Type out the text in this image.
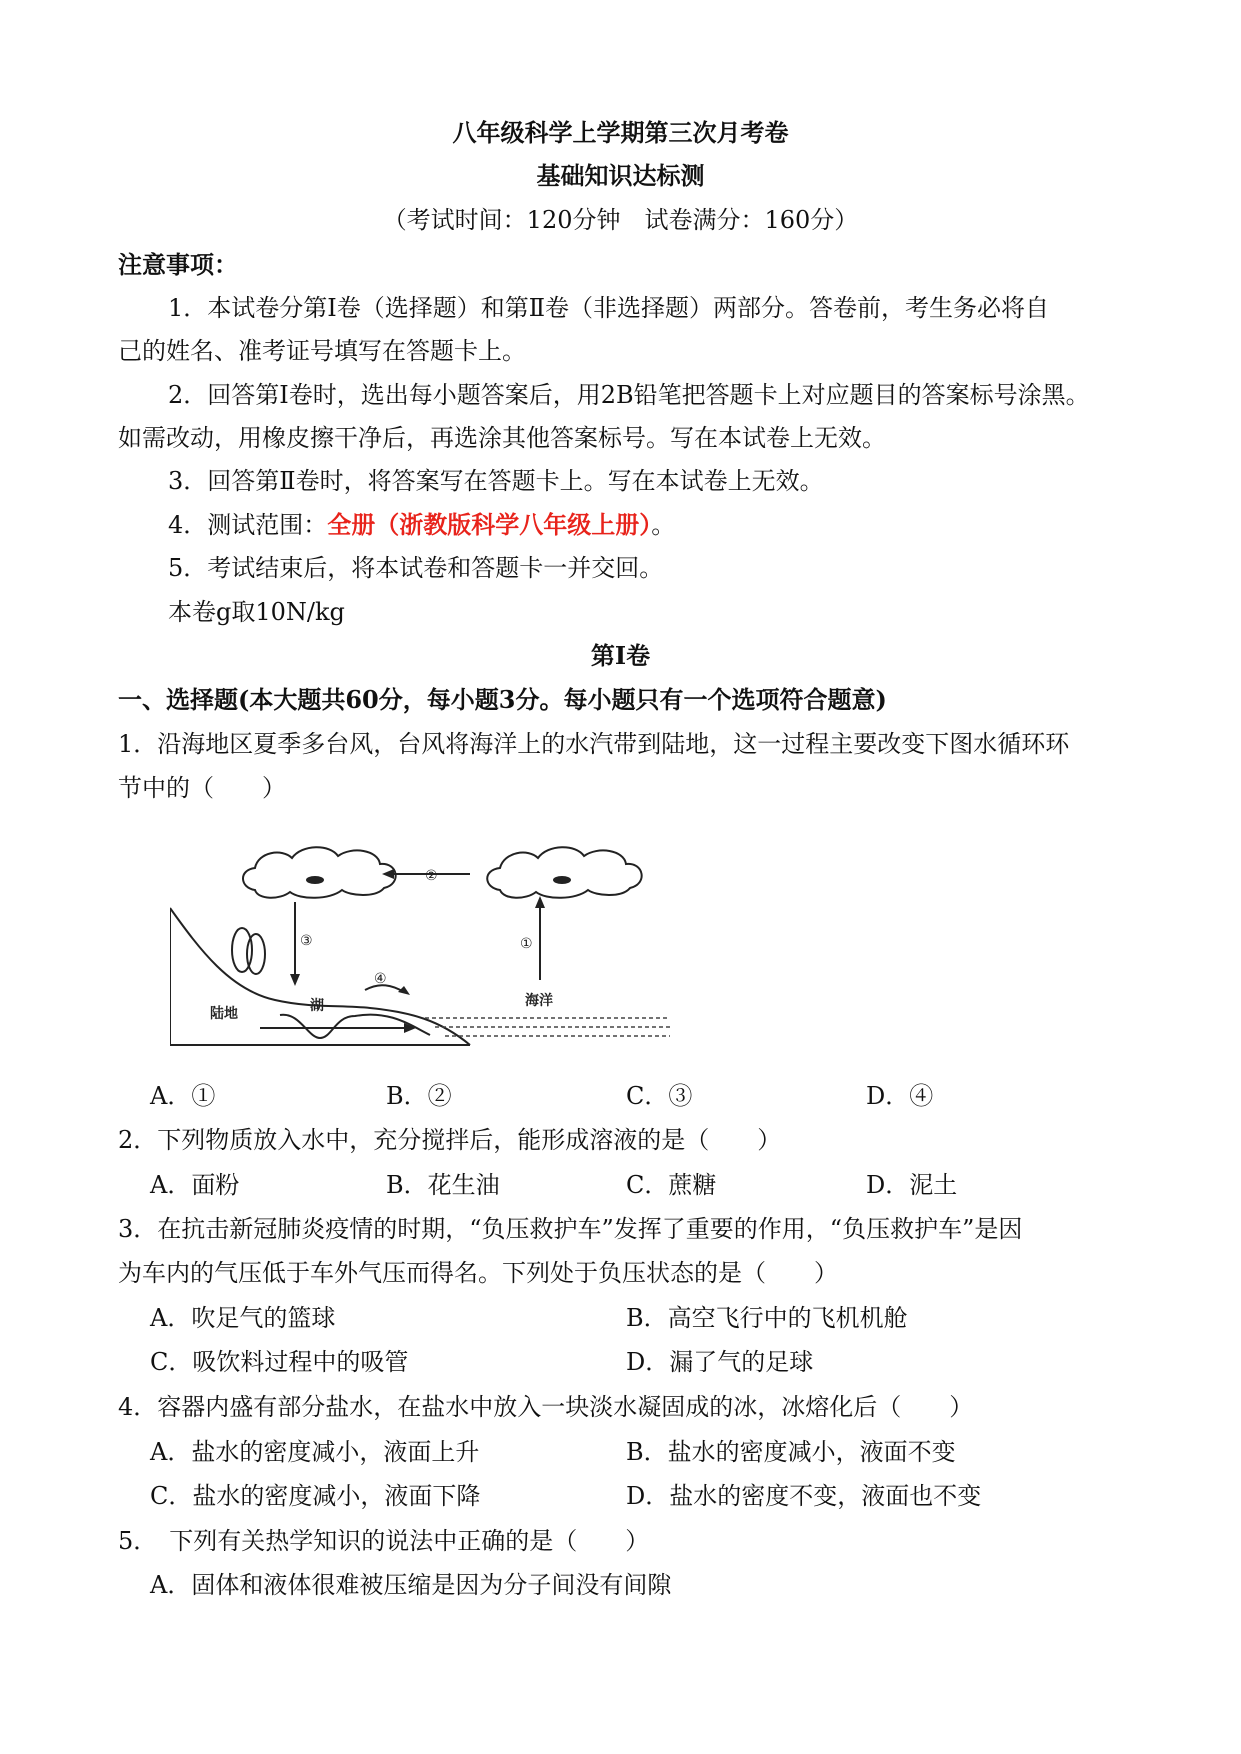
八年级科学上学期第三次月考卷
基础知识达标测
（考试时间：120分钟　试卷满分：160分）
注意事项：
1．本试卷分第Ⅰ卷（选择题）和第Ⅱ卷（非选择题）两部分。答卷前，考生务必将自
己的姓名、准考证号填写在答题卡上。
2．回答第Ⅰ卷时，选出每小题答案后，用2B铅笔把答题卡上对应题目的答案标号涂黑。
如需改动，用橡皮擦干净后，再选涂其他答案标号。写在本试卷上无效。
3．回答第Ⅱ卷时，将答案写在答题卡上。写在本试卷上无效。
4．测试范围：全册（浙教版科学八年级上册）。
5．考试结束后，将本试卷和答题卡一并交回。
本卷g取10N/kg
第Ⅰ卷
一、选择题(本大题共60分，每小题3分。每小题只有一个选项符合题意)
1．沿海地区夏季多台风，台风将海洋上的水汽带到陆地，这一过程主要改变下图水循环环
节中的（　　）
②
③	①
④
陆地	湖	海洋
A．①	B．②	C．③	D．④
2．下列物质放入水中，充分搅拌后，能形成溶液的是（　　）
A．面粉	B．花生油	C．蔗糖	D．泥土
3．在抗击新冠肺炎疫情的时期，“负压救护车”发挥了重要的作用，“负压救护车”是因
为车内的气压低于车外气压而得名。下列处于负压状态的是（　　）
A．吹足气的篮球	B．高空飞行中的飞机机舱
C．吸饮料过程中的吸管	D．漏了气的足球
4．容器内盛有部分盐水，在盐水中放入一块淡水凝固成的冰，冰熔化后（　　）
A．盐水的密度减小，液面上升	B．盐水的密度减小，液面不变
C．盐水的密度减小，液面下降	D．盐水的密度不变，液面也不变
5．　下列有关热学知识的说法中正确的是（　　）
A．固体和液体很难被压缩是因为分子间没有间隙
